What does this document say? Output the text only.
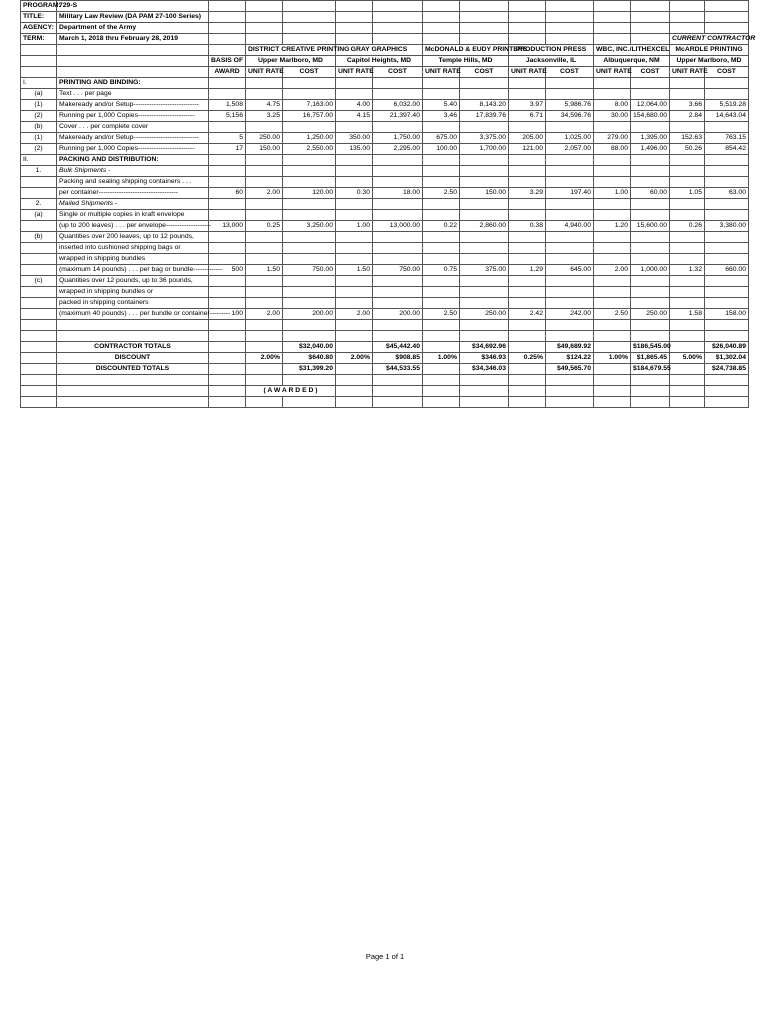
PROGRAM:	729-S													
TITLE:	Military Law Review (DA PAM 27-100 Series)													
AGENCY:	Department of the Army													
TERM:	March 1, 2018 thru February 28, 2019												CURRENT CONTRACTOR	
			DISTRICT CREATIVE PRINTING		GRAY GRAPHICS		McDONALD & EUDY PRINTERS		PRODUCTION PRESS		WBC, INC./LITHEXCEL		McARDLE PRINTING	
		BASIS OF	Upper Marlboro, MD		Capitol Heights, MD		Temple Hills, MD		Jacksonville, IL		Albuquerque, NM		Upper Marlboro, MD	
		AWARD	UNIT RATE	COST	UNIT RATE	COST	UNIT RATE	COST	UNIT RATE	COST	UNIT RATE	COST	UNIT RATE	COST
I.	PRINTING AND BINDING:													
(a)	Text . . . per page													
(1)	Makeready and/or Setup-----------------------------	1,508	4.75	7,163.00	4.00	6,032.00	5.40	8,143.20	3.97	5,986.76	8.00	12,064.00	3.66	5,519.28
(2)	Running per 1,000 Copies-------------------------	5,156	3.25	16,757.00	4.15	21,397.40	3.46	17,839.76	6.71	34,596.76	30.00	154,680.00	2.84	14,643.04
(b)	Cover . . . per complete cover													
(1)	Makeready and/or Setup-----------------------------	5	250.00	1,250.00	350.00	1,750.00	675.00	3,375.00	205.00	1,025.00	279.00	1,395.00	152.63	763.15
(2)	Running per 1,000 Copies-------------------------	17	150.00	2,550.00	135.00	2,295.00	100.00	1,700.00	121.00	2,057.00	88.00	1,496.00	50.26	854.42
II.	PACKING AND DISTRIBUTION:													
1.	Bulk Shipments -													
	Packing and sealing shipping containers . . .													
	per container-----------------------------------	60	2.00	120.00	0.30	18.00	2.50	150.00	3.29	197.40	1.00	60.00	1.05	63.00
2.	Mailed Shipments -													
(a)	Single or multiple copies in kraft envelope													
	(up to 200 leaves) . . . per envelope--------------------	13,000	0.25	3,250.00	1.00	13,000.00	0.22	2,860.00	0.38	4,940.00	1.20	15,600.00	0.26	3,380.00
(b)	Quantities over 200 leaves, up to 12 pounds,													
	inserted into cushioned shipping bags or													
	wrapped in shipping bundles													
	(maximum 14 pounds) . . . per bag or bundle-------------	500	1.50	750.00	1.50	750.00	0.75	375.00	1.29	645.00	2.00	1,000.00	1.32	660.00
(c)	Quantities over 12 pounds, up to 36 pounds,													
	wrapped in shipping bundles or													
	packed in shipping containers													
	(maximum 40 pounds) . . . per bundle or container---------	100	2.00	200.00	2.00	200.00	2.50	250.00	2.42	242.00	2.50	250.00	1.58	158.00

	CONTRACTOR TOTALS			$32,040.00		$45,442.40		$34,692.96		$49,689.92		$186,545.00		$26,040.89
	DISCOUNT		2.00%	$640.80	2.00%	$908.85	1.00%	$346.93	0.25%	$124.22	1.00%	$1,865.45	5.00%	$1,302.04
	DISCOUNTED TOTALS			$31,399.20		$44,533.55		$34,346.03		$49,565.70		$184,679.55		$24,738.85

			( A W A R D E D )											

Page 1 of 1
